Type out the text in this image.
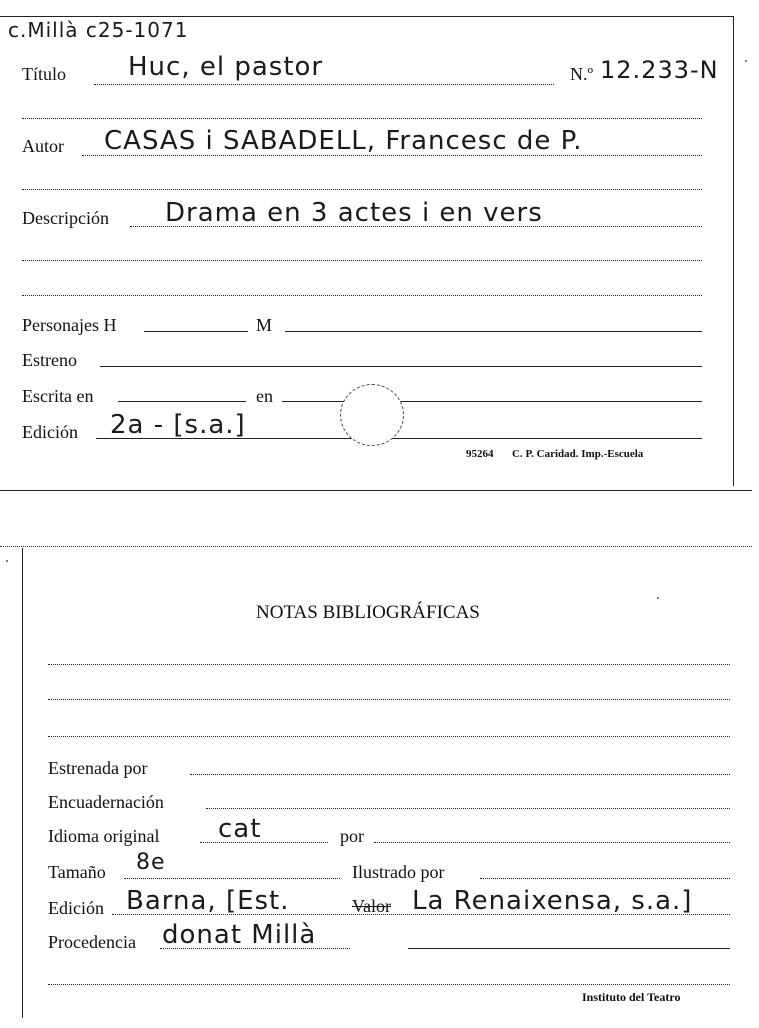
c.Millà c25-1071
Título Huc, el pastor	N.º 12.233-N
Autor CASAS i SABADELL, Francesc de P.
Descripción Drama en 3 actes i en vers
Personajes H	M
Estreno
Escrita en	en
Edición 2a - [s.a.]
95264 C. P. Caridad. Imp.-Escuela
NOTAS BIBLIOGRÁFICAS
Estrenada por
Encuadernación
Idioma original cat	por
Tamaño 8e	Ilustrado por
Edición Barna, [Est.	Valor La Renaixensa, s.a.]
Procedencia donat Millà
Instituto del Teatro
